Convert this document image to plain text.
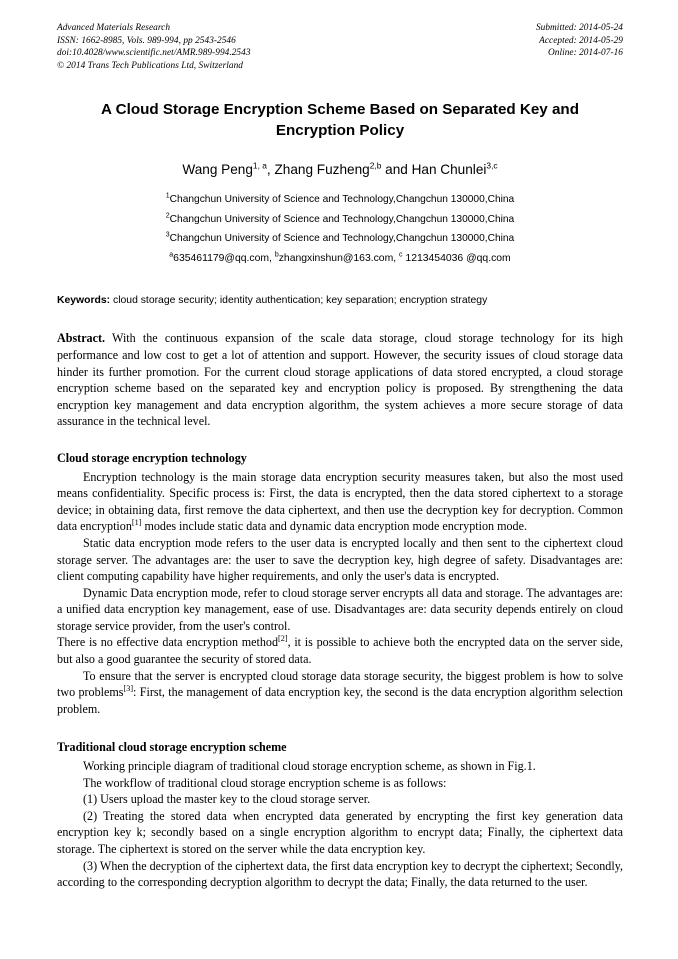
Advanced Materials Research
ISSN: 1662-8985, Vols. 989-994, pp 2543-2546
doi:10.4028/www.scientific.net/AMR.989-994.2543
© 2014 Trans Tech Publications Ltd, Switzerland
Submitted: 2014-05-24
Accepted: 2014-05-29
Online: 2014-07-16
A Cloud Storage Encryption Scheme Based on Separated Key and Encryption Policy
Wang Peng$^{1, a}$, Zhang Fuzheng$^{2,b}$ and Han Chunlei$^{3,c}$
$^1$Changchun University of Science and Technology,Changchun 130000,China
$^2$Changchun University of Science and Technology,Changchun 130000,China
$^3$Changchun University of Science and Technology,Changchun 130000,China
$^a$635461179@qq.com, $^b$zhangxinshun@163.com, $^c$ 1213454036 @qq.com
Keywords: cloud storage security; identity authentication; key separation; encryption strategy
Abstract. With the continuous expansion of the scale data storage, cloud storage technology for its high performance and low cost to get a lot of attention and support. However, the security issues of cloud storage data hinder its further promotion. For the current cloud storage applications of data stored encrypted, a cloud storage encryption scheme based on the separated key and encryption policy is proposed. By strengthening the data encryption key management and data encryption algorithm, the system achieves a more secure storage of data assurance in the technical level.
Cloud storage encryption technology

Encryption technology is the main storage data encryption security measures taken, but also the most used means confidentiality. Specific process is: First, the data is encrypted, then the data stored ciphertext to a storage device; in obtaining data, first remove the data ciphertext, and then use the decryption key for decryption. Common data encryption[1] modes include static data and dynamic data encryption mode encryption mode.

Static data encryption mode refers to the user data is encrypted locally and then sent to the ciphertext cloud storage server. The advantages are: the user to save the decryption key, high degree of safety. Disadvantages are: client computing capability have higher requirements, and only the user's data is encrypted.

Dynamic Data encryption mode, refer to cloud storage server encrypts all data and storage. The advantages are: a unified data encryption key management, ease of use. Disadvantages are: data security depends entirely on cloud storage service provider, from the user's control.

There is no effective data encryption method[2], it is possible to achieve both the encrypted data on the server side, but also a good guarantee the security of stored data.

To ensure that the server is encrypted cloud storage data storage security, the biggest problem is how to solve two problems[3]: First, the management of data encryption key, the second is the data encryption algorithm selection problem.

Traditional cloud storage encryption scheme

Working principle diagram of traditional cloud storage encryption scheme, as shown in Fig.1.

The workflow of traditional cloud storage encryption scheme is as follows:

(1) Users upload the master key to the cloud storage server.

(2) Treating the stored data when encrypted data generated by encrypting the first key generation data encryption key k; secondly based on a single encryption algorithm to encrypt data; Finally, the ciphertext data storage. The ciphertext is stored on the server while the data encryption key.

(3) When the decryption of the ciphertext data, the first data encryption key to decrypt the ciphertext; Secondly, according to the corresponding decryption algorithm to decrypt the data; Finally, the data returned to the user.
